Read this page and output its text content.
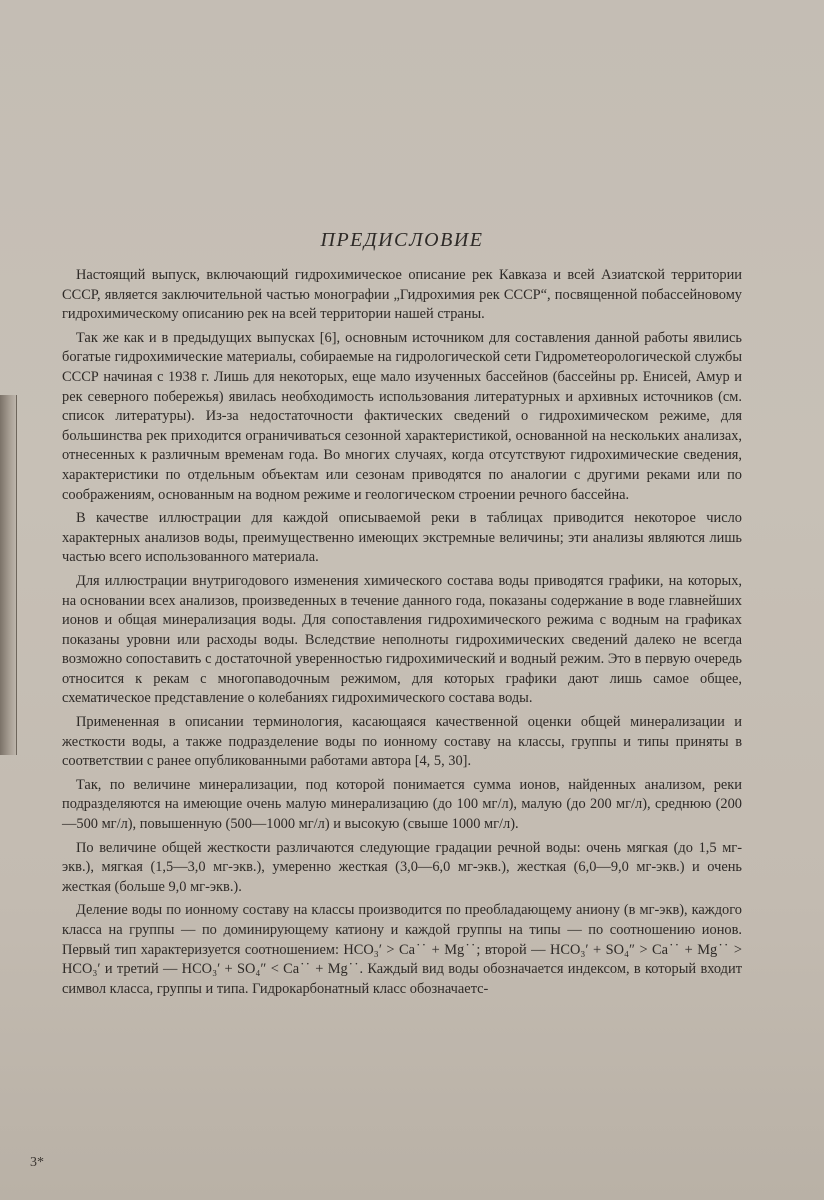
ПРЕДИСЛОВИЕ

Настоящий выпуск, включающий гидрохимическое описание рек Кавказа и всей Азиатской территории СССР, является заключительной частью монографии „Гидрохимия рек СССР“, посвященной побассейновому гидрохимическому описанию рек на всей территории нашей страны.

Так же как и в предыдущих выпусках [6], основным источником для составления данной работы явились богатые гидрохимические материалы, собираемые на гидрологической сети Гидрометеорологической службы СССР начиная с 1938 г. Лишь для некоторых, еще мало изученных бассейнов (бассейны рр. Енисей, Амур и рек северного побережья) явилась необходимость использования литературных и архивных источников (см. список литературы). Из-за недостаточности фактических сведений о гидрохимическом режиме, для большинства рек приходится ограничиваться сезонной характеристикой, основанной на нескольких анализах, отнесенных к различным временам года. Во многих случаях, когда отсутствуют гидрохимические сведения, характеристики по отдельным объектам или сезонам приводятся по аналогии с другими реками или по соображениям, основанным на водном режиме и геологическом строении речного бассейна.

В качестве иллюстрации для каждой описываемой реки в таблицах приводится некоторое число характерных анализов воды, преимущественно имеющих экстремные величины; эти анализы являются лишь частью всего использованного материала.

Для иллюстрации внутригодового изменения химического состава воды приводятся графики, на которых, на основании всех анализов, произведенных в течение данного года, показаны содержание в воде главнейших ионов и общая минерализация воды. Для сопоставления гидрохимического режима с водным на графиках показаны уровни или расходы воды. Вследствие неполноты гидрохимических сведений далеко не всегда возможно сопоставить с достаточной уверенностью гидрохимический и водный режим. Это в первую очередь относится к рекам с многопаводочным режимом, для которых графики дают лишь самое общее, схематическое представление о колебаниях гидрохимического состава воды.

Примененная в описании терминология, касающаяся качественной оценки общей минерализации и жесткости воды, а также подразделение воды по ионному составу на классы, группы и типы приняты в соответствии с ранее опубликованными работами автора [4, 5, 30].

Так, по величине минерализации, под которой понимается сумма ионов, найденных анализом, реки подразделяются на имеющие очень малую минерализацию (до 100 мг/л), малую (до 200 мг/л), среднюю (200—500 мг/л), повышенную (500—1000 мг/л) и высокую (свыше 1000 мг/л).

По величине общей жесткости различаются следующие градации речной воды: очень мягкая (до 1,5 мг-экв.), мягкая (1,5—3,0 мг-экв.), умеренно жесткая (3,0—6,0 мг-экв.), жесткая (6,0—9,0 мг-экв.) и очень жесткая (больше 9,0 мг-экв.).

Деление воды по ионному составу на классы производится по преобладающему аниону (в мг-экв), каждого класса на группы — по доминирующему катиону и каждой группы на типы — по соотношению ионов. Первый тип характеризуется соотношением: HCO₃′ > Ca˙˙ + Mg˙˙; второй — HCO₃′ + SO₄″ > Ca˙˙ + Mg˙˙ > HCO₃′ и третий — HCO₃′ + SO₄″ < Ca˙˙ + Mg˙˙. Каждый вид воды обозначается индексом, в который входит символ класса, группы и типа. Гидрокарбонатный класс обозначаетс-

3*
